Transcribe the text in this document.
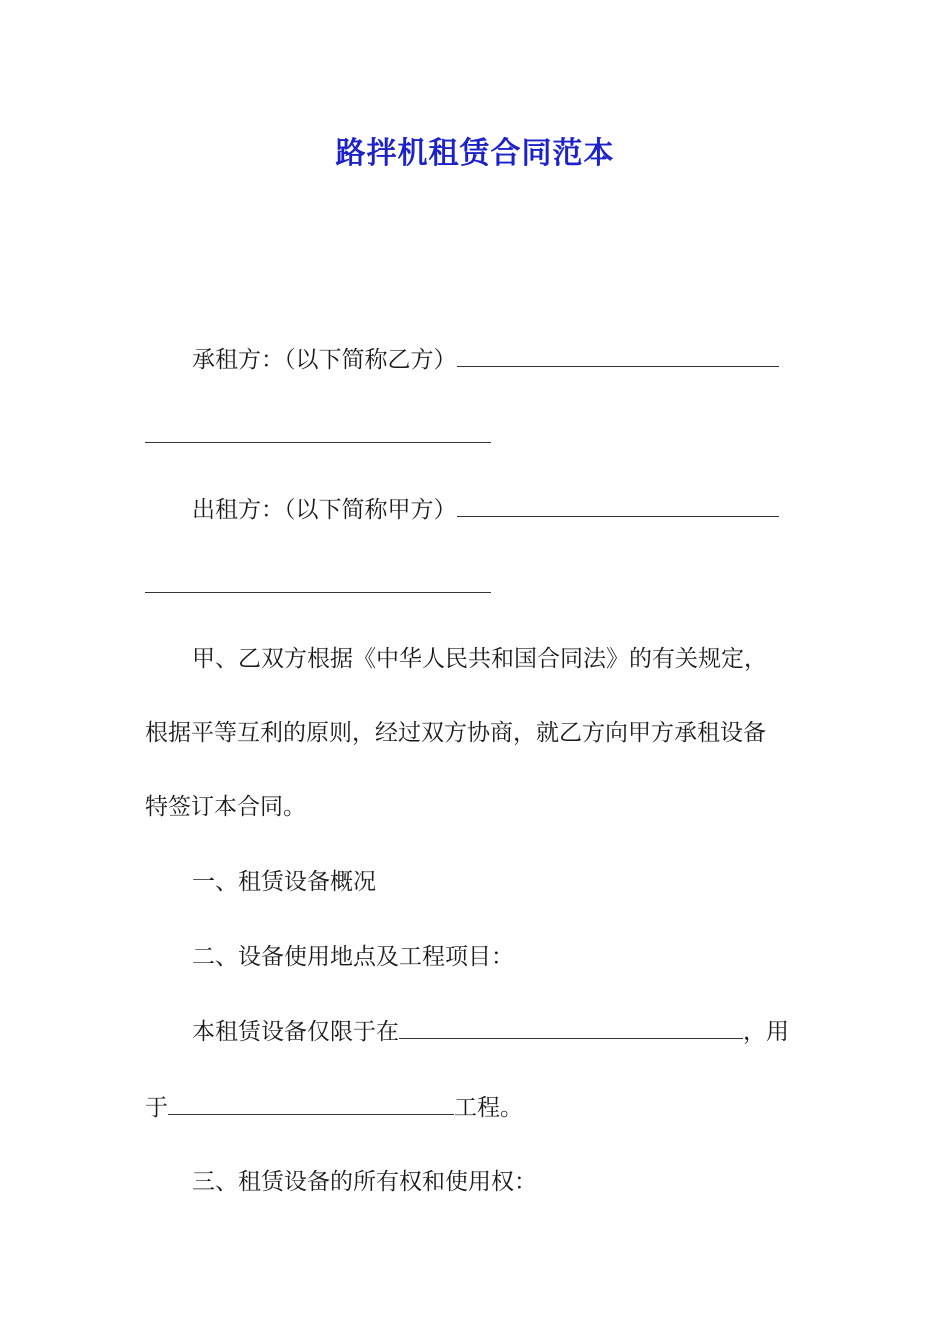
路拌机租赁合同范本
承租方：（以下简称乙方）
出租方：（以下简称甲方）
甲、乙双方根据《中华人民共和国合同法》的有关规定，
根据平等互利的原则，经过双方协商，就乙方向甲方承租设备
特签订本合同。
一、租赁设备概况
二、设备使用地点及工程项目：
本租赁设备仅限于在	，用
于	工程。
三、租赁设备的所有权和使用权：
